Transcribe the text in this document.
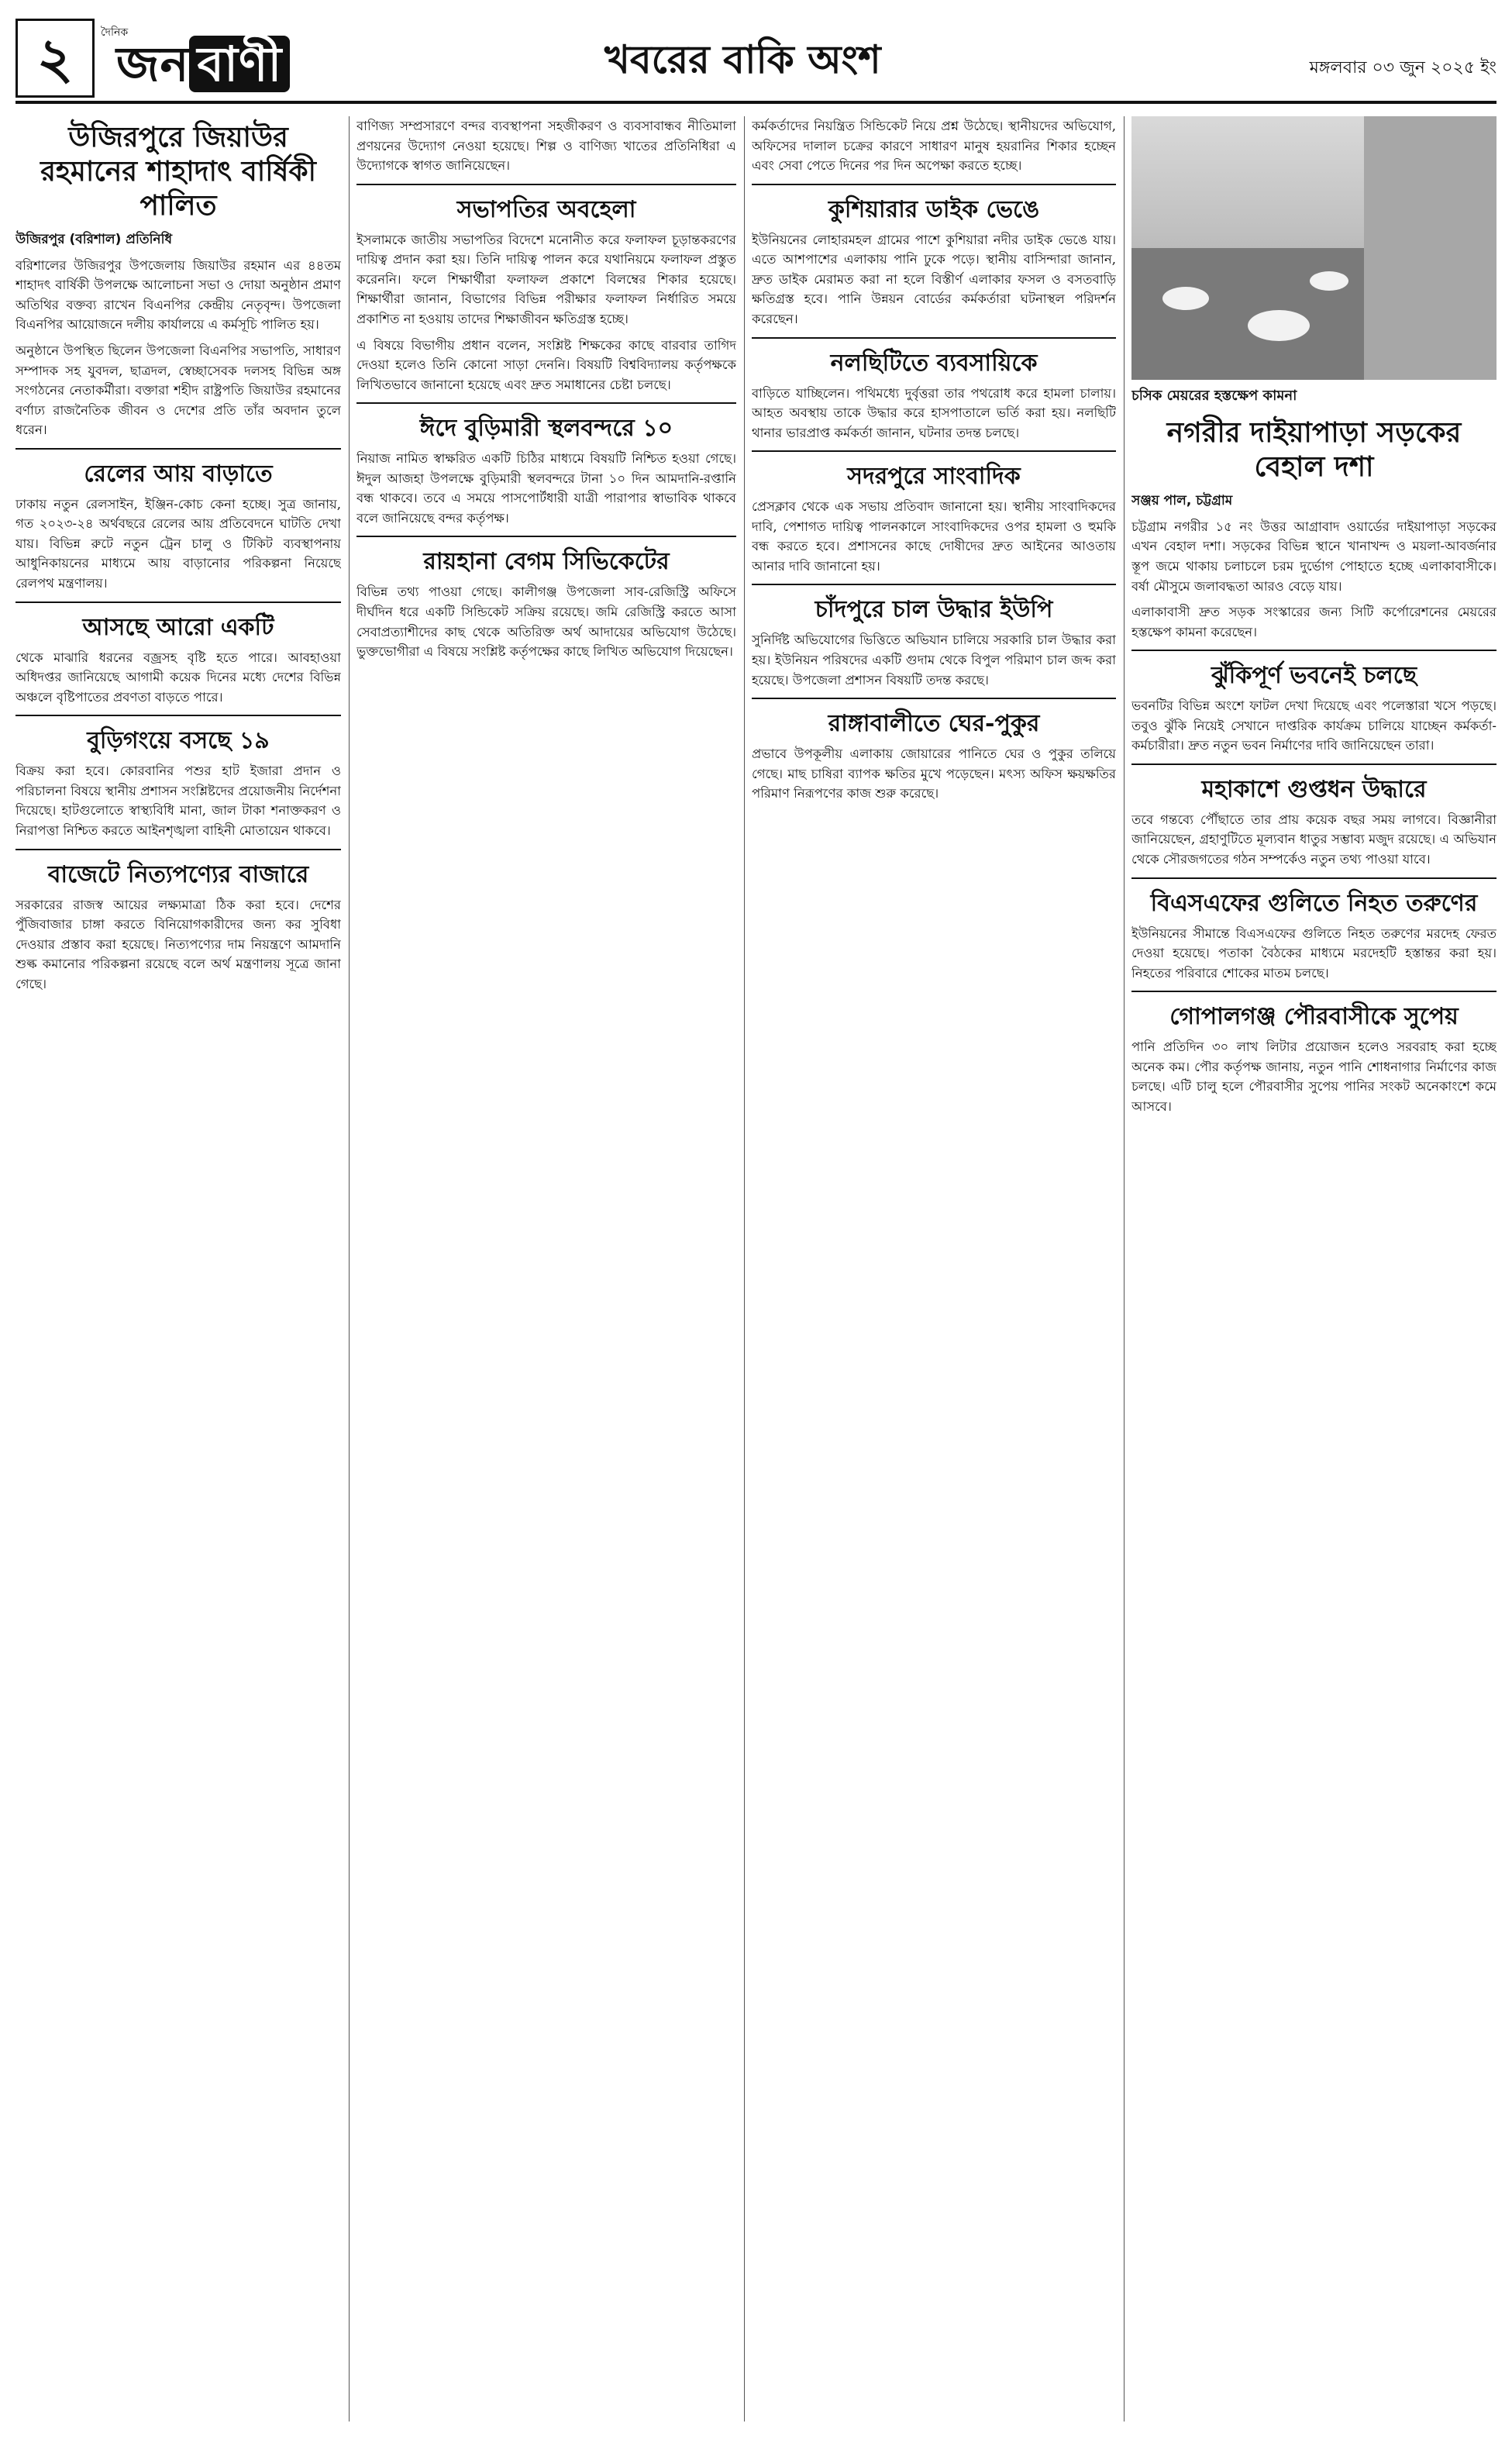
২	দৈনিক
জন বাণী	খবরের বাকি অংশ	মঙ্গলবার ০৩ জুন ২০২৫ ইং
উজিরপুরে জিয়াউর রহমানের শাহাদাৎ বার্ষিকী পালিত
উজিরপুর (বরিশাল) প্রতিনিধি

বরিশালের উজিরপুর উপজেলায় জিয়াউর রহমান এর ৪৪তম শাহাদৎ বার্ষিকী উপলক্ষে আলোচনা সভা ও দোয়া অনুষ্ঠান প্রমাণ অতিথির বক্তব্য রাখেন বিএনপির কেন্দ্রীয় নেতৃবৃন্দ। উপজেলা বিএনপির আয়োজনে দলীয় কার্যালয়ে এ কর্মসূচি পালিত হয়।

অনুষ্ঠানে উপস্থিত ছিলেন উপজেলা বিএনপির সভাপতি, সাধারণ সম্পাদক সহ যুবদল, ছাত্রদল, স্বেচ্ছাসেবক দলসহ বিভিন্ন অঙ্গ সংগঠনের নেতাকর্মীরা। বক্তারা শহীদ রাষ্ট্রপতি জিয়াউর রহমানের বর্ণাঢ্য রাজনৈতিক জীবন ও দেশের প্রতি তাঁর অবদান তুলে ধরেন।

রেলের আয় বাড়াতে

ঢাকায় নতুন রেলসাইন, ইঞ্জিন-কোচ কেনা হচ্ছে। সুত্র জানায়, গত ২০২৩-২৪ অর্থবছরে রেলের আয় প্রতিবেদনে ঘাটতি দেখা যায়। বিভিন্ন রুটে নতুন ট্রেন চালু ও টিকিট ব্যবস্থাপনায় আধুনিকায়নের মাধ্যমে আয় বাড়ানোর পরিকল্পনা নিয়েছে রেলপথ মন্ত্রণালয়।

আসছে আরো একটি

থেকে মাঝারি ধরনের বজ্রসহ বৃষ্টি হতে পারে। আবহাওয়া অধিদপ্তর জানিয়েছে আগামী কয়েক দিনের মধ্যে দেশের বিভিন্ন অঞ্চলে বৃষ্টিপাতের প্রবণতা বাড়তে পারে।

বুড়িগংয়ে বসছে ১৯

বিক্রয় করা হবে। কোরবানির পশুর হাট ইজারা প্রদান ও পরিচালনা বিষয়ে স্থানীয় প্রশাসন সংশ্লিষ্টদের প্রয়োজনীয় নির্দেশনা দিয়েছে। হাটগুলোতে স্বাস্থ্যবিধি মানা, জাল টাকা শনাক্তকরণ ও নিরাপত্তা নিশ্চিত করতে আইনশৃঙ্খলা বাহিনী মোতায়েন থাকবে।

বাজেটে নিত্যপণ্যের বাজারে

সরকারের রাজস্ব আয়ের লক্ষ্যমাত্রা ঠিক করা হবে। দেশের পুঁজিবাজার চাঙ্গা করতে বিনিয়োগকারীদের জন্য কর সুবিধা দেওয়ার প্রস্তাব করা হয়েছে। নিত্যপণ্যের দাম নিয়ন্ত্রণে আমদানি শুল্ক কমানোর পরিকল্পনা রয়েছে বলে অর্থ মন্ত্রণালয় সূত্রে জানা গেছে।

বাণিজ্য সম্প্রসারণে বন্দর ব্যবস্থাপনা সহজীকরণ ও ব্যবসাবান্ধব নীতিমালা প্রণয়নের উদ্যোগ নেওয়া হয়েছে। শিল্প ও বাণিজ্য খাতের প্রতিনিধিরা এ উদ্যোগকে স্বাগত জানিয়েছেন।

সভাপতির অবহেলা

ইসলামকে জাতীয় সভাপতির বিদেশে মনোনীত করে ফলাফল চূড়ান্তকরণের দায়িত্ব প্রদান করা হয়। তিনি দায়িত্ব পালন করে যথানিয়মে ফলাফল প্রস্তুত করেননি। ফলে শিক্ষার্থীরা ফলাফল প্রকাশে বিলম্বের শিকার হয়েছে। শিক্ষার্থীরা জানান, বিভাগের বিভিন্ন পরীক্ষার ফলাফল নির্ধারিত সময়ে প্রকাশিত না হওয়ায় তাদের শিক্ষাজীবন ক্ষতিগ্রস্ত হচ্ছে।

এ বিষয়ে বিভাগীয় প্রধান বলেন, সংশ্লিষ্ট শিক্ষকের কাছে বারবার তাগিদ দেওয়া হলেও তিনি কোনো সাড়া দেননি। বিষয়টি বিশ্ববিদ্যালয় কর্তৃপক্ষকে লিখিতভাবে জানানো হয়েছে এবং দ্রুত সমাধানের চেষ্টা চলছে।

ঈদে বুড়িমারী স্থলবন্দরে ১০

নিয়াজ নামিত স্বাক্ষরিত একটি চিঠির মাধ্যমে বিষয়টি নিশ্চিত হওয়া গেছে। ঈদুল আজহা উপলক্ষে বুড়িমারী স্থলবন্দরে টানা ১০ দিন আমদানি-রপ্তানি বন্ধ থাকবে। তবে এ সময়ে পাসপোর্টধারী যাত্রী পারাপার স্বাভাবিক থাকবে বলে জানিয়েছে বন্দর কর্তৃপক্ষ।

রায়হানা বেগম সিভিকেটের

বিভিন্ন তথ্য পাওয়া গেছে। কালীগঞ্জ উপজেলা সাব-রেজিস্ট্রি অফিসে দীর্ঘদিন ধরে একটি সিন্ডিকেট সক্রিয় রয়েছে। জমি রেজিস্ট্রি করতে আসা সেবাপ্রত্যাশীদের কাছ থেকে অতিরিক্ত অর্থ আদায়ের অভিযোগ উঠেছে। ভুক্তভোগীরা এ বিষয়ে সংশ্লিষ্ট কর্তৃপক্ষের কাছে লিখিত অভিযোগ দিয়েছেন।

কর্মকর্তাদের নিয়ন্ত্রিত সিন্ডিকেট নিয়ে প্রশ্ন উঠেছে। স্থানীয়দের অভিযোগ, অফিসের দালাল চক্রের কারণে সাধারণ মানুষ হয়রানির শিকার হচ্ছেন এবং সেবা পেতে দিনের পর দিন অপেক্ষা করতে হচ্ছে।

কুশিয়ারার ডাইক ভেঙে

ইউনিয়নের লোহারমহল গ্রামের পাশে কুশিয়ারা নদীর ডাইক ভেঙে যায়। এতে আশপাশের এলাকায় পানি ঢুকে পড়ে। স্থানীয় বাসিন্দারা জানান, দ্রুত ডাইক মেরামত করা না হলে বিস্তীর্ণ এলাকার ফসল ও বসতবাড়ি ক্ষতিগ্রস্ত হবে। পানি উন্নয়ন বোর্ডের কর্মকর্তারা ঘটনাস্থল পরিদর্শন করেছেন।

নলছিটিতে ব্যবসায়িকে

বাড়িতে যাচ্ছিলেন। পথিমধ্যে দুর্বৃত্তরা তার পথরোধ করে হামলা চালায়। আহত অবস্থায় তাকে উদ্ধার করে হাসপাতালে ভর্তি করা হয়। নলছিটি থানার ভারপ্রাপ্ত কর্মকর্তা জানান, ঘটনার তদন্ত চলছে।

সদরপুরে সাংবাদিক

প্রেসক্লাব থেকে এক সভায় প্রতিবাদ জানানো হয়। স্থানীয় সাংবাদিকদের দাবি, পেশাগত দায়িত্ব পালনকালে সাংবাদিকদের ওপর হামলা ও হুমকি বন্ধ করতে হবে। প্রশাসনের কাছে দোষীদের দ্রুত আইনের আওতায় আনার দাবি জানানো হয়।

চাঁদপুরে চাল উদ্ধার ইউপি

সুনির্দিষ্ট অভিযোগের ভিত্তিতে অভিযান চালিয়ে সরকারি চাল উদ্ধার করা হয়। ইউনিয়ন পরিষদের একটি গুদাম থেকে বিপুল পরিমাণ চাল জব্দ করা হয়েছে। উপজেলা প্রশাসন বিষয়টি তদন্ত করছে।

রাঙ্গাবালীতে ঘের-পুকুর

প্রভাবে উপকূলীয় এলাকায় জোয়ারের পানিতে ঘের ও পুকুর তলিয়ে গেছে। মাছ চাষিরা ব্যাপক ক্ষতির মুখে পড়েছেন। মৎস্য অফিস ক্ষয়ক্ষতির পরিমাণ নিরূপণের কাজ শুরু করেছে।

চসিক মেয়রের হস্তক্ষেপ কামনা
নগরীর দাইয়াপাড়া সড়কের বেহাল দশা
সঞ্জয় পাল, চট্টগ্রাম

চট্টগ্রাম নগরীর ১৫ নং উত্তর আগ্রাবাদ ওয়ার্ডের দাইয়াপাড়া সড়কের এখন বেহাল দশা। সড়কের বিভিন্ন স্থানে খানাখন্দ ও ময়লা-আবর্জনার স্তূপ জমে থাকায় চলাচলে চরম দুর্ভোগ পোহাতে হচ্ছে এলাকাবাসীকে। বর্ষা মৌসুমে জলাবদ্ধতা আরও বেড়ে যায়।

এলাকাবাসী দ্রুত সড়ক সংস্কারের জন্য সিটি কর্পোরেশনের মেয়রের হস্তক্ষেপ কামনা করেছেন।

ঝুঁকিপূর্ণ ভবনেই চলছে

ভবনটির বিভিন্ন অংশে ফাটল দেখা দিয়েছে এবং পলেস্তারা খসে পড়ছে। তবুও ঝুঁকি নিয়েই সেখানে দাপ্তরিক কার্যক্রম চালিয়ে যাচ্ছেন কর্মকর্তা-কর্মচারীরা। দ্রুত নতুন ভবন নির্মাণের দাবি জানিয়েছেন তারা।

মহাকাশে গুপ্তধন উদ্ধারে

তবে গন্তব্যে পৌঁছাতে তার প্রায় কয়েক বছর সময় লাগবে। বিজ্ঞানীরা জানিয়েছেন, গ্রহাণুটিতে মূল্যবান ধাতুর সম্ভাব্য মজুদ রয়েছে। এ অভিযান থেকে সৌরজগতের গঠন সম্পর্কেও নতুন তথ্য পাওয়া যাবে।

বিএসএফের গুলিতে নিহত তরুণের

ইউনিয়নের সীমান্তে বিএসএফের গুলিতে নিহত তরুণের মরদেহ ফেরত দেওয়া হয়েছে। পতাকা বৈঠকের মাধ্যমে মরদেহটি হস্তান্তর করা হয়। নিহতের পরিবারে শোকের মাতম চলছে।

গোপালগঞ্জ পৌরবাসীকে সুপেয়

পানি প্রতিদিন ৩০ লাখ লিটার প্রয়োজন হলেও সরবরাহ করা হচ্ছে অনেক কম। পৌর কর্তৃপক্ষ জানায়, নতুন পানি শোধনাগার নির্মাণের কাজ চলছে। এটি চালু হলে পৌরবাসীর সুপেয় পানির সংকট অনেকাংশে কমে আসবে।
